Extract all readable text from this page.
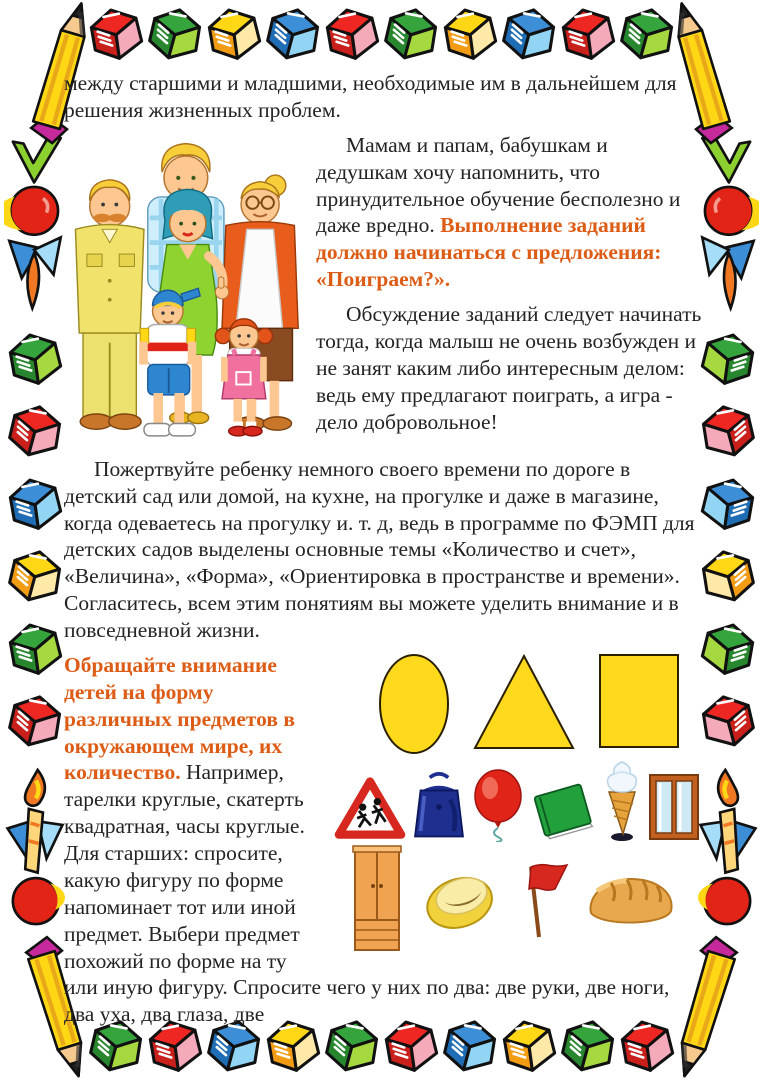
между старшими и младшими, необходимые им в дальнейшем для решения жизненных проблем.

Мамам и папам, бабушкам и дедушкам хочу напомнить, что принудительное обучение бесполезно и даже вредно. Выполнение заданий должно начинаться с предложения: «Поиграем?».

Обсуждение заданий следует начинать тогда, когда малыш не очень возбужден и не занят каким либо интересным делом: ведь ему предлагают поиграть, а игра - дело добровольное!

Пожертвуйте ребенку немного своего времени по дороге в детский сад или домой, на кухне, на прогулке и даже в магазине, когда одеваетесь на прогулку и. т. д, ведь в программе по ФЭМП для детских садов выделены основные темы «Количество и счет», «Величина», «Форма», «Ориентировка в пространстве и времени». Согласитесь, всем этим понятиям вы можете уделить внимание и в повседневной жизни.

Обращайте внимание детей на форму различных предметов в окружающем мире, их количество. Например, тарелки круглые, скатерть квадратная, часы круглые. Для старших: спросите, какую фигуру по форме напоминает тот или иной предмет. Выбери предмет похожий по форме на ту или иную фигуру. Спросите чего у них по два: две руки, две ноги, два уха, два глаза, две
